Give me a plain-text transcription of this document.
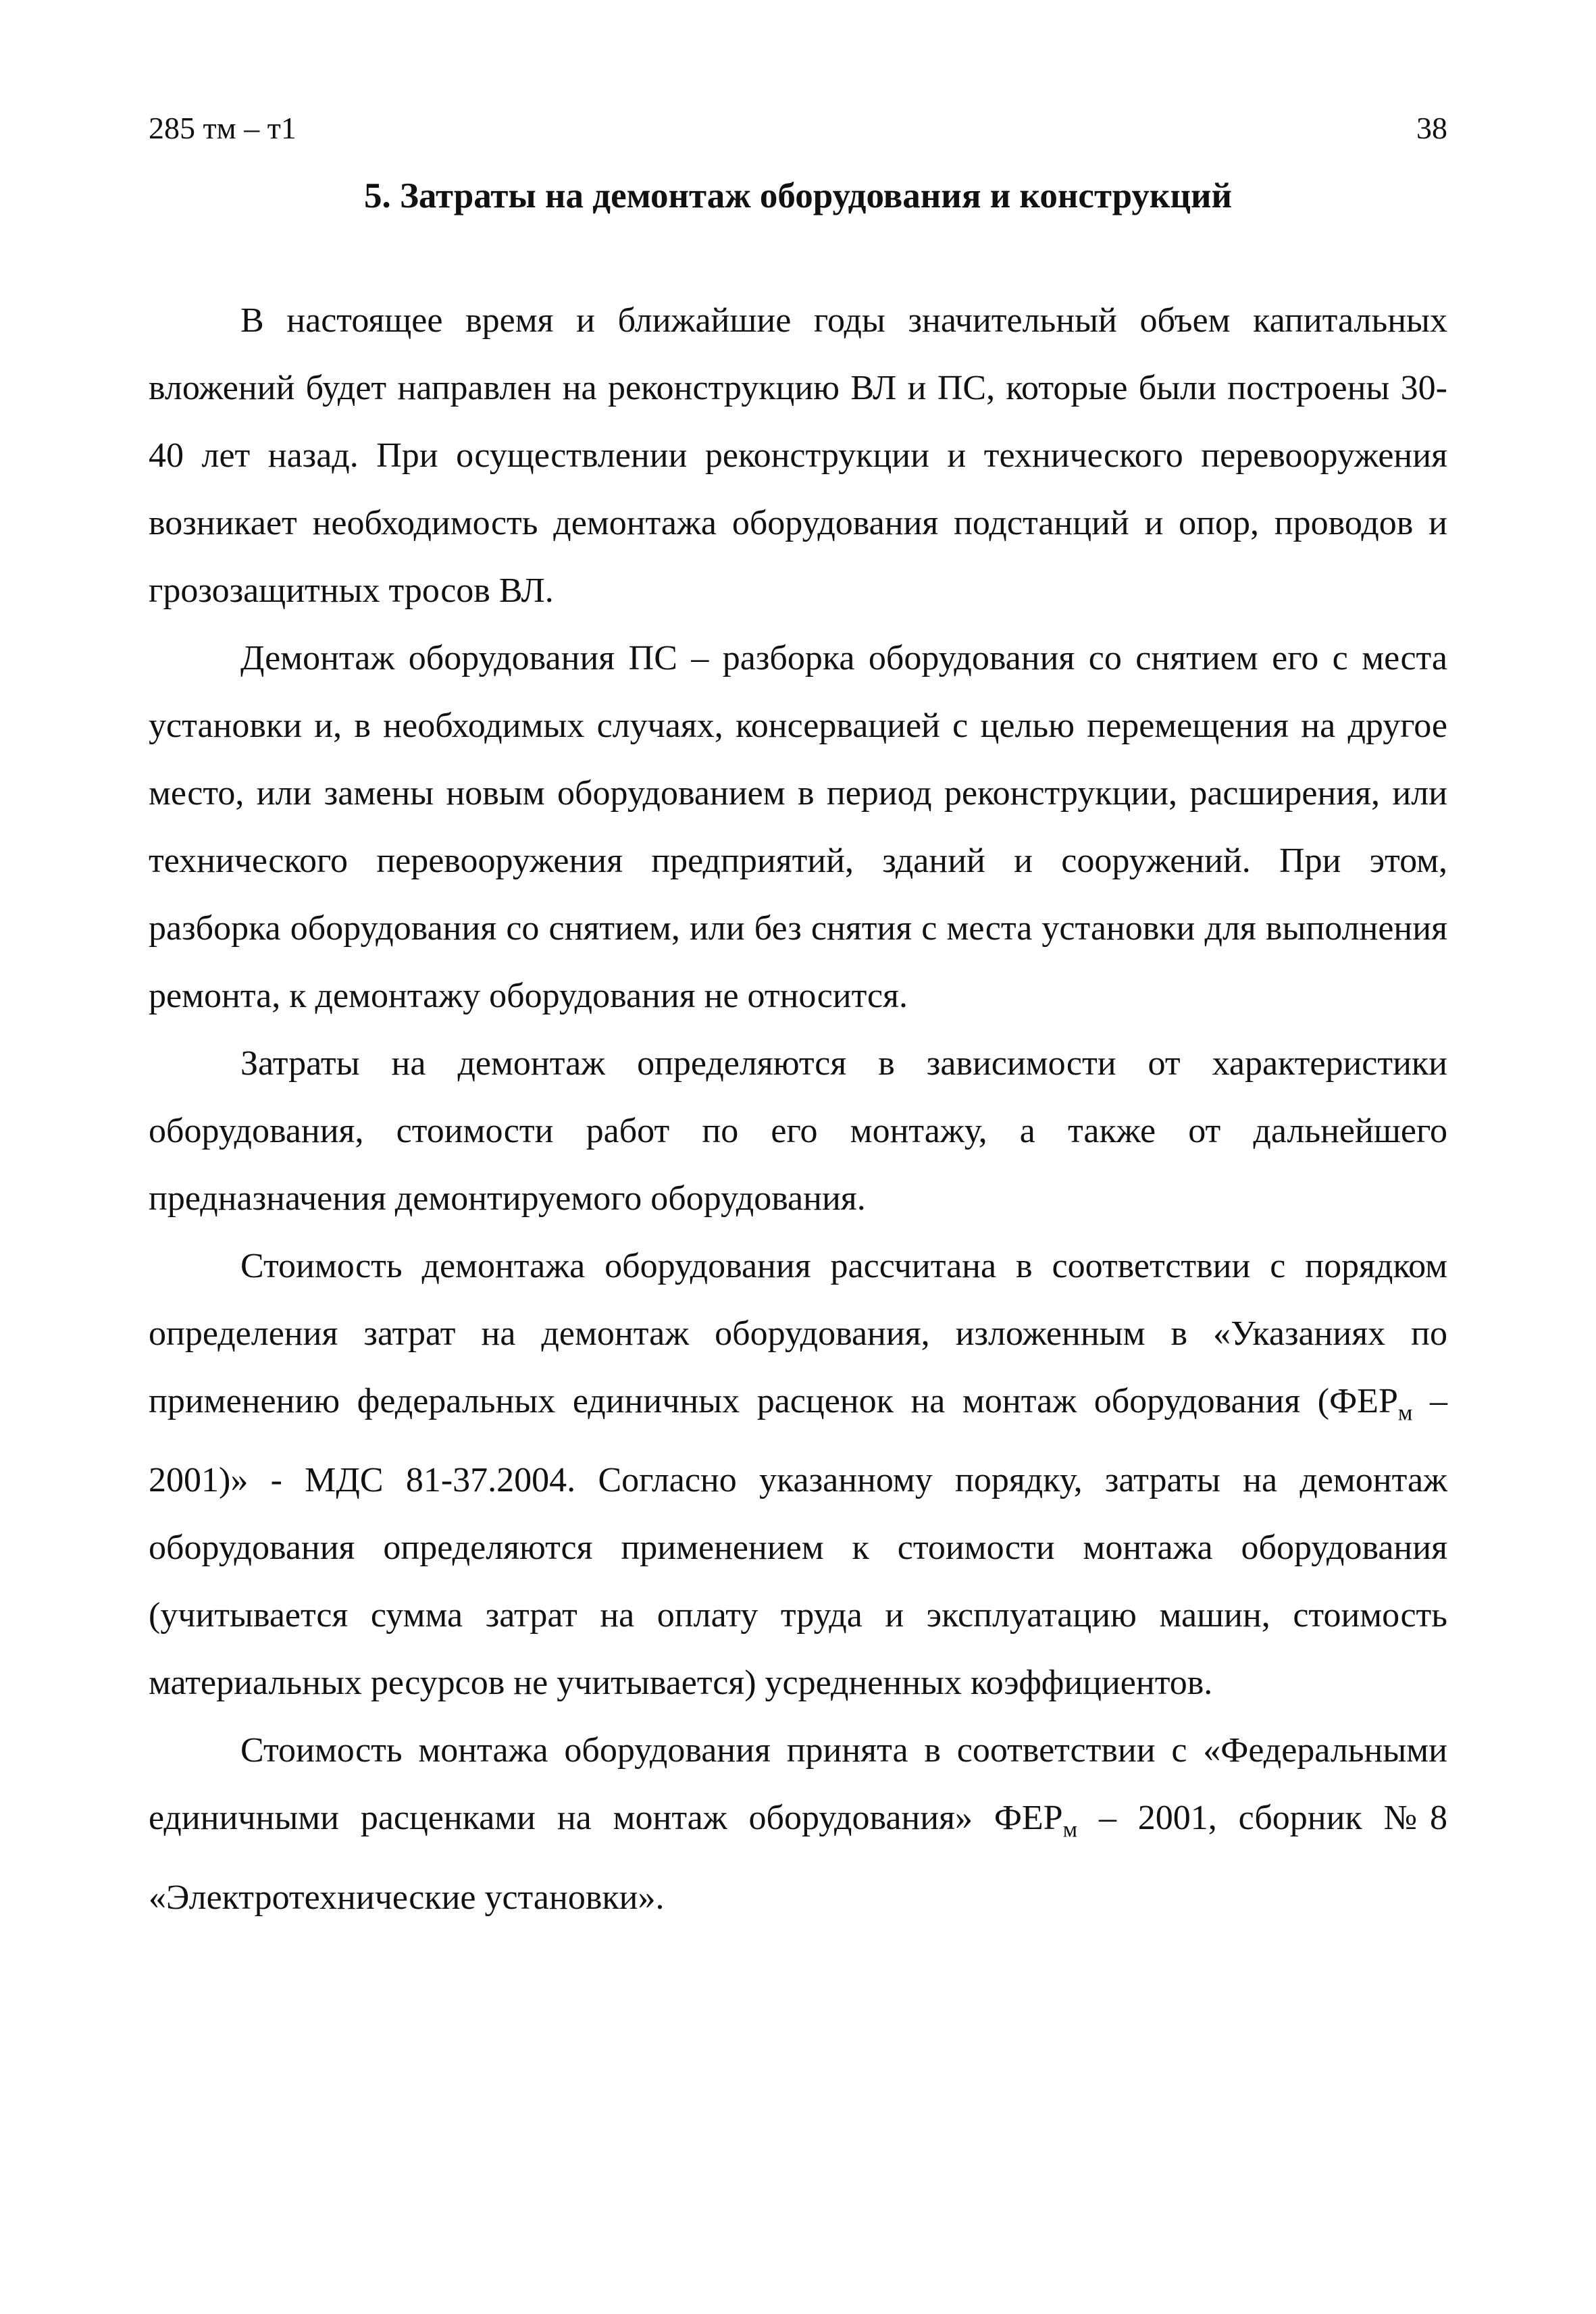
285 тм – т1	38
5. Затраты на демонтаж оборудования и конструкций

В настоящее время и ближайшие годы значительный объем капитальных вложений будет направлен на реконструкцию ВЛ и ПС, которые были построены 30-40 лет назад. При осуществлении реконструкции и технического перевооружения возникает необходимость демонтажа оборудования подстанций и опор, проводов и грозозащитных тросов ВЛ.

Демонтаж оборудования ПС – разборка оборудования со снятием его с места установки и, в необходимых случаях, консервацией с целью перемещения на другое место, или замены новым оборудованием в период реконструкции, расширения, или технического перевооружения предприятий, зданий и сооружений. При этом, разборка оборудования со снятием, или без снятия с места установки для выполнения ремонта, к демонтажу оборудования не относится.

Затраты на демонтаж определяются в зависимости от характеристики оборудования, стоимости работ по его монтажу, а также от дальнейшего предназначения демонтируемого оборудования.

Стоимость демонтажа оборудования рассчитана в соответствии с порядком определения затрат на демонтаж оборудования, изложенным в «Указаниях по применению федеральных единичных расценок на монтаж оборудования $(ФЕР_м - 2001)$» - МДС 81-37.2004. Согласно указанному порядку, затраты на демонтаж оборудования определяются применением к стоимости монтажа оборудования (учитывается сумма затрат на оплату труда и эксплуатацию машин, стоимость материальных ресурсов не учитывается) усредненных коэффициентов.

Стоимость монтажа оборудования принята в соответствии с «Федеральными единичными расценками на монтаж оборудования» $ФЕР_м - 2001$, сборник №8 «Электротехнические установки».
